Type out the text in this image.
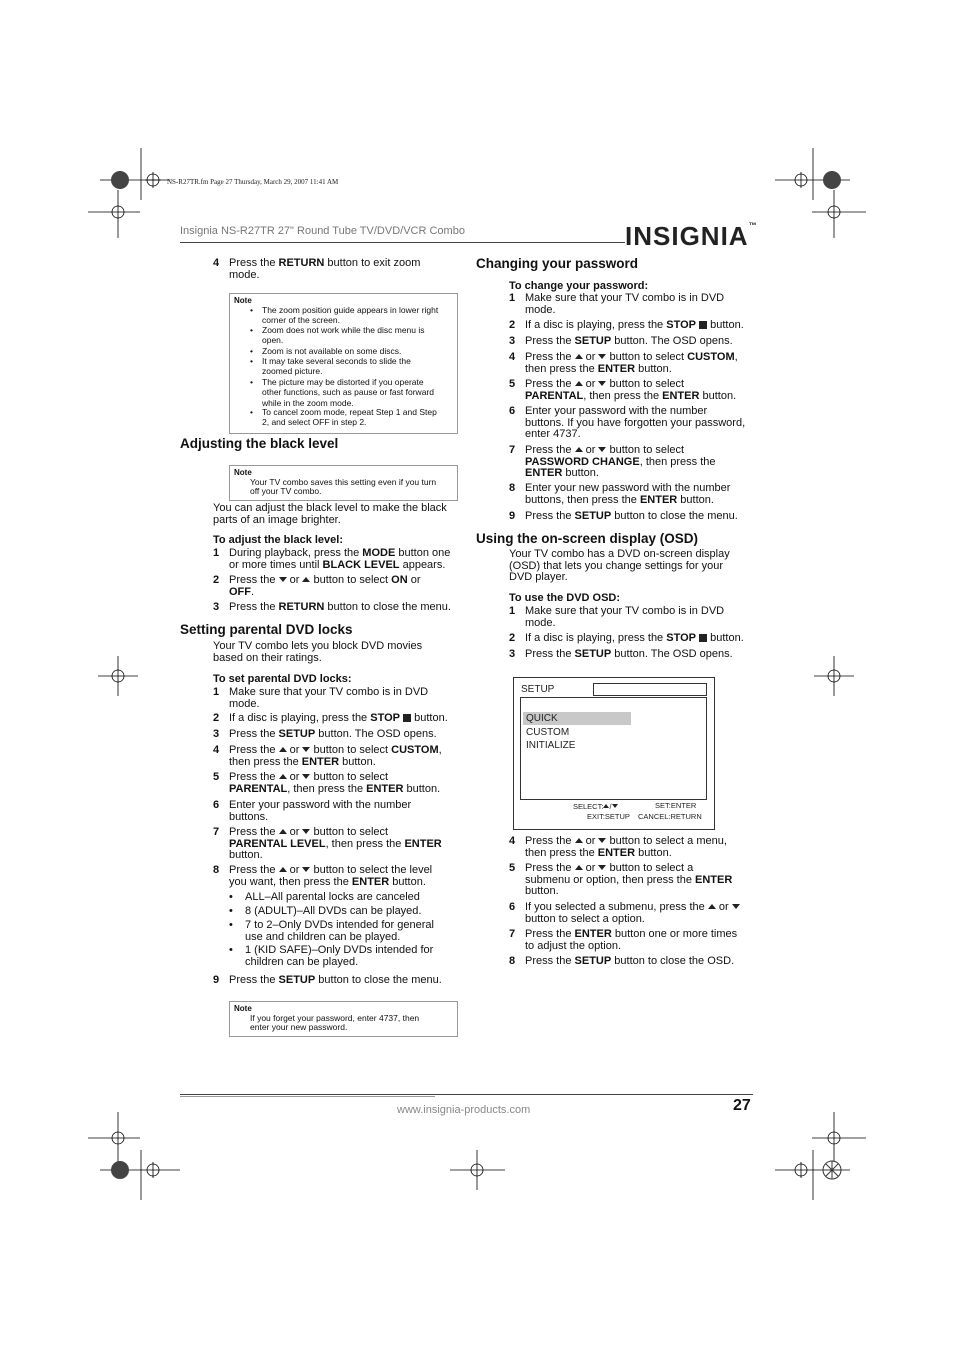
NS-R27TR.fm Page 27 Thursday, March 29, 2007 11:41 AM
Insignia NS-R27TR 27" Round Tube TV/DVD/VCR Combo	INSIGNIA™
4 Press the RETURN button to exit zoom
mode.
Note
• The zoom position guide appears in lower right
corner of the screen.
• Zoom does not work while the disc menu is
open.
• Zoom is not available on some discs.
• It may take several seconds to slide the
zoomed picture.
• The picture may be distorted if you operate
other functions, such as pause or fast forward
while in the zoom mode.
• To cancel zoom mode, repeat Step 1 and Step
2, and select OFF in step 2.
Adjusting the black level
Note
Your TV combo saves this setting even if you turn
off your TV combo.
You can adjust the black level to make the black
parts of an image brighter.
To adjust the black level:
1 During playback, press the MODE button one
or more times until BLACK LEVEL appears.
2 Press the  or  button to select ON or
OFF.
3 Press the RETURN button to close the menu.
Setting parental DVD locks
Your TV combo lets you block DVD movies
based on their ratings.
To set parental DVD locks:
1 Make sure that your TV combo is in DVD
mode.
2 If a disc is playing, press the STOP  button.
3 Press the SETUP button. The OSD opens.
4 Press the  or  button to select CUSTOM,
then press the ENTER button.
5 Press the  or  button to select
PARENTAL, then press the ENTER button.
6 Enter your password with the number
buttons.
7 Press the  or  button to select
PARENTAL LEVEL, then press the ENTER
button.
8 Press the  or  button to select the level
you want, then press the ENTER button.
• ALL–All parental locks are canceled
• 8 (ADULT)–All DVDs can be played.
• 7 to 2–Only DVDs intended for general
use and children can be played.
• 1 (KID SAFE)–Only DVDs intended for
children can be played.
9 Press the SETUP button to close the menu.
Note
If you forget your password, enter 4737, then
enter your new password.
Changing your password
To change your password:
1 Make sure that your TV combo is in DVD
mode.
2 If a disc is playing, press the STOP  button.
3 Press the SETUP button. The OSD opens.
4 Press the  or  button to select CUSTOM,
then press the ENTER button.
5 Press the  or  button to select
PARENTAL, then press the ENTER button.
6 Enter your password with the number
buttons. If you have forgotten your password,
enter 4737.
7 Press the  or  button to select
PASSWORD CHANGE, then press the
ENTER button.
8 Enter your new password with the number
buttons, then press the ENTER button.
9 Press the SETUP button to close the menu.
Using the on-screen display (OSD)
Your TV combo has a DVD on-screen display
(OSD) that lets you change settings for your
DVD player.
To use the DVD OSD:
1 Make sure that your TV combo is in DVD
mode.
2 If a disc is playing, press the STOP  button.
3 Press the SETUP button. The OSD opens.
SETUP
QUICK
CUSTOM
INITIALIZE
SELECT: /	SET:ENTER
EXIT:SETUP CANCEL:RETURN
4 Press the  or  button to select a menu,
then press the ENTER button.
5 Press the  or  button to select a
submenu or option, then press the ENTER
button.
6 If you selected a submenu, press the  or
button to select a option.
7 Press the ENTER button one or more times
to adjust the option.
8 Press the SETUP button to close the OSD.
www.insignia-products.com	27
